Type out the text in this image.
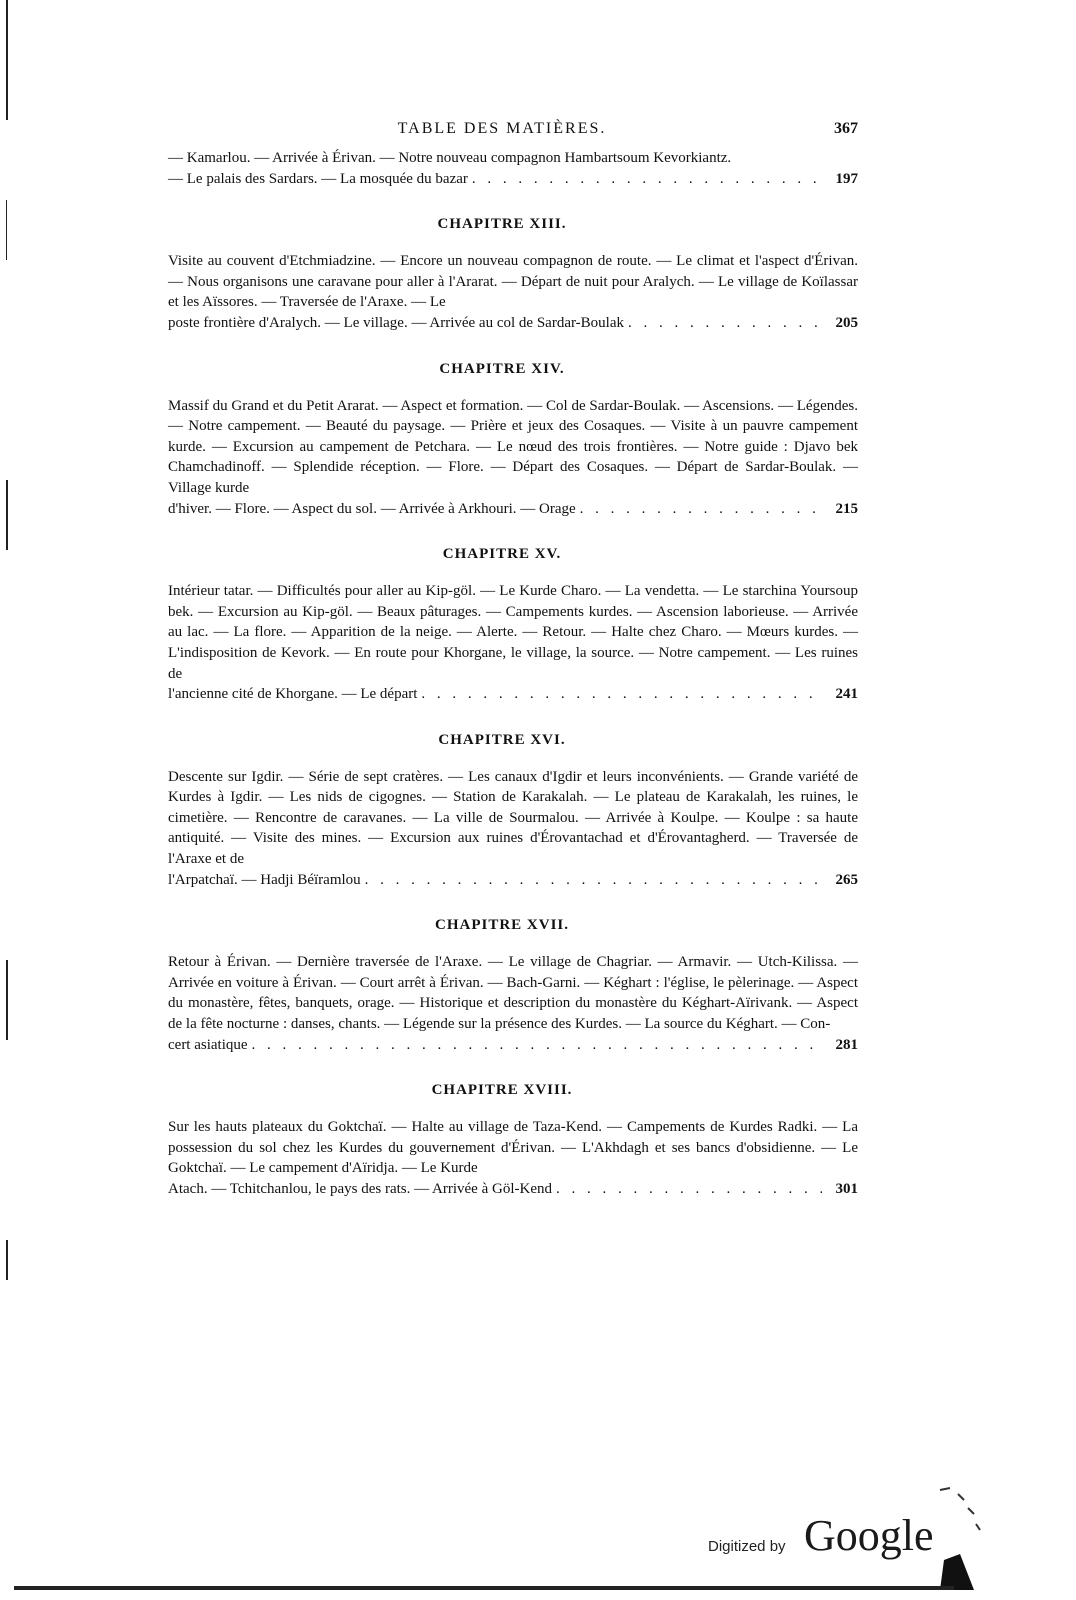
TABLE DES MATIÈRES.	367
— Kamarlou. — Arrivée à Érivan. — Notre nouveau compagnon Hambartsoum Kevorkiantz.
— Le palais des Sardars. — La mosquée du bazar . . .	197
CHAPITRE XIII.
Visite au couvent d'Etchmiadzine. — Encore un nouveau compagnon de route. — Le climat et l'aspect d'Érivan. — Nous organisons une caravane pour aller à l'Ararat. — Départ de nuit pour Aralych. — Le village de Koïlassar et les Aïssores. — Traversée de l'Araxe. — Le
poste frontière d'Aralych. — Le village. — Arrivée au col de Sardar-Boulak . . .	205
CHAPITRE XIV.
Massif du Grand et du Petit Ararat. — Aspect et formation. — Col de Sardar-Boulak. — Ascensions. — Légendes. — Notre campement. — Beauté du paysage. — Prière et jeux des Cosaques. — Visite à un pauvre campement kurde. — Excursion au campement de Petchara. — Le nœud des trois frontières. — Notre guide : Djavo bek Chamchadinoff. — Splendide réception. — Flore. — Départ des Cosaques. — Départ de Sardar-Boulak. — Village kurde
d'hiver. — Flore. — Aspect du sol. — Arrivée à Arkhouri. — Orage . . .	215
CHAPITRE XV.
Intérieur tatar. — Difficultés pour aller au Kip-göl. — Le Kurde Charo. — La vendetta. — Le starchina Yoursoup bek. — Excursion au Kip-göl. — Beaux pâturages. — Campements kurdes. — Ascension laborieuse. — Arrivée au lac. — La flore. — Apparition de la neige. — Alerte. — Retour. — Halte chez Charo. — Mœurs kurdes. — L'indisposition de Kevork. — En route pour Khorgane, le village, la source. — Notre campement. — Les ruines de
l'ancienne cité de Khorgane. — Le départ . . .	241
CHAPITRE XVI.
Descente sur Igdir. — Série de sept cratères. — Les canaux d'Igdir et leurs inconvénients. — Grande variété de Kurdes à Igdir. — Les nids de cigognes. — Station de Karakalah. — Le plateau de Karakalah, les ruines, le cimetière. — Rencontre de caravanes. — La ville de Sourmalou. — Arrivée à Koulpe. — Koulpe : sa haute antiquité. — Visite des mines. — Excursion aux ruines d'Érovantachad et d'Érovantagherd. — Traversée de l'Araxe et de
l'Arpatchaï. — Hadji Béïramlou . . .	265
CHAPITRE XVII.
Retour à Érivan. — Dernière traversée de l'Araxe. — Le village de Chagriar. — Armavir. — Utch-Kilissa. — Arrivée en voiture à Érivan. — Court arrêt à Érivan. — Bach-Garni. — Kéghart : l'église, le pèlerinage. — Aspect du monastère, fêtes, banquets, orage. — Historique et description du monastère du Kéghart-Aïrivank. — Aspect de la fête nocturne : danses, chants. — Légende sur la présence des Kurdes. — La source du Kéghart. — Con-
cert asiatique . . .	281
CHAPITRE XVIII.
Sur les hauts plateaux du Goktchaï. — Halte au village de Taza-Kend. — Campements de Kurdes Radki. — La possession du sol chez les Kurdes du gouvernement d'Érivan. — L'Akhdagh et ses bancs d'obsidienne. — Le Goktchaï. — Le campement d'Aïridja. — Le Kurde
Atach. — Tchitchanlou, le pays des rats. — Arrivée à Göl-Kend . . .	301
Digitized by Google
